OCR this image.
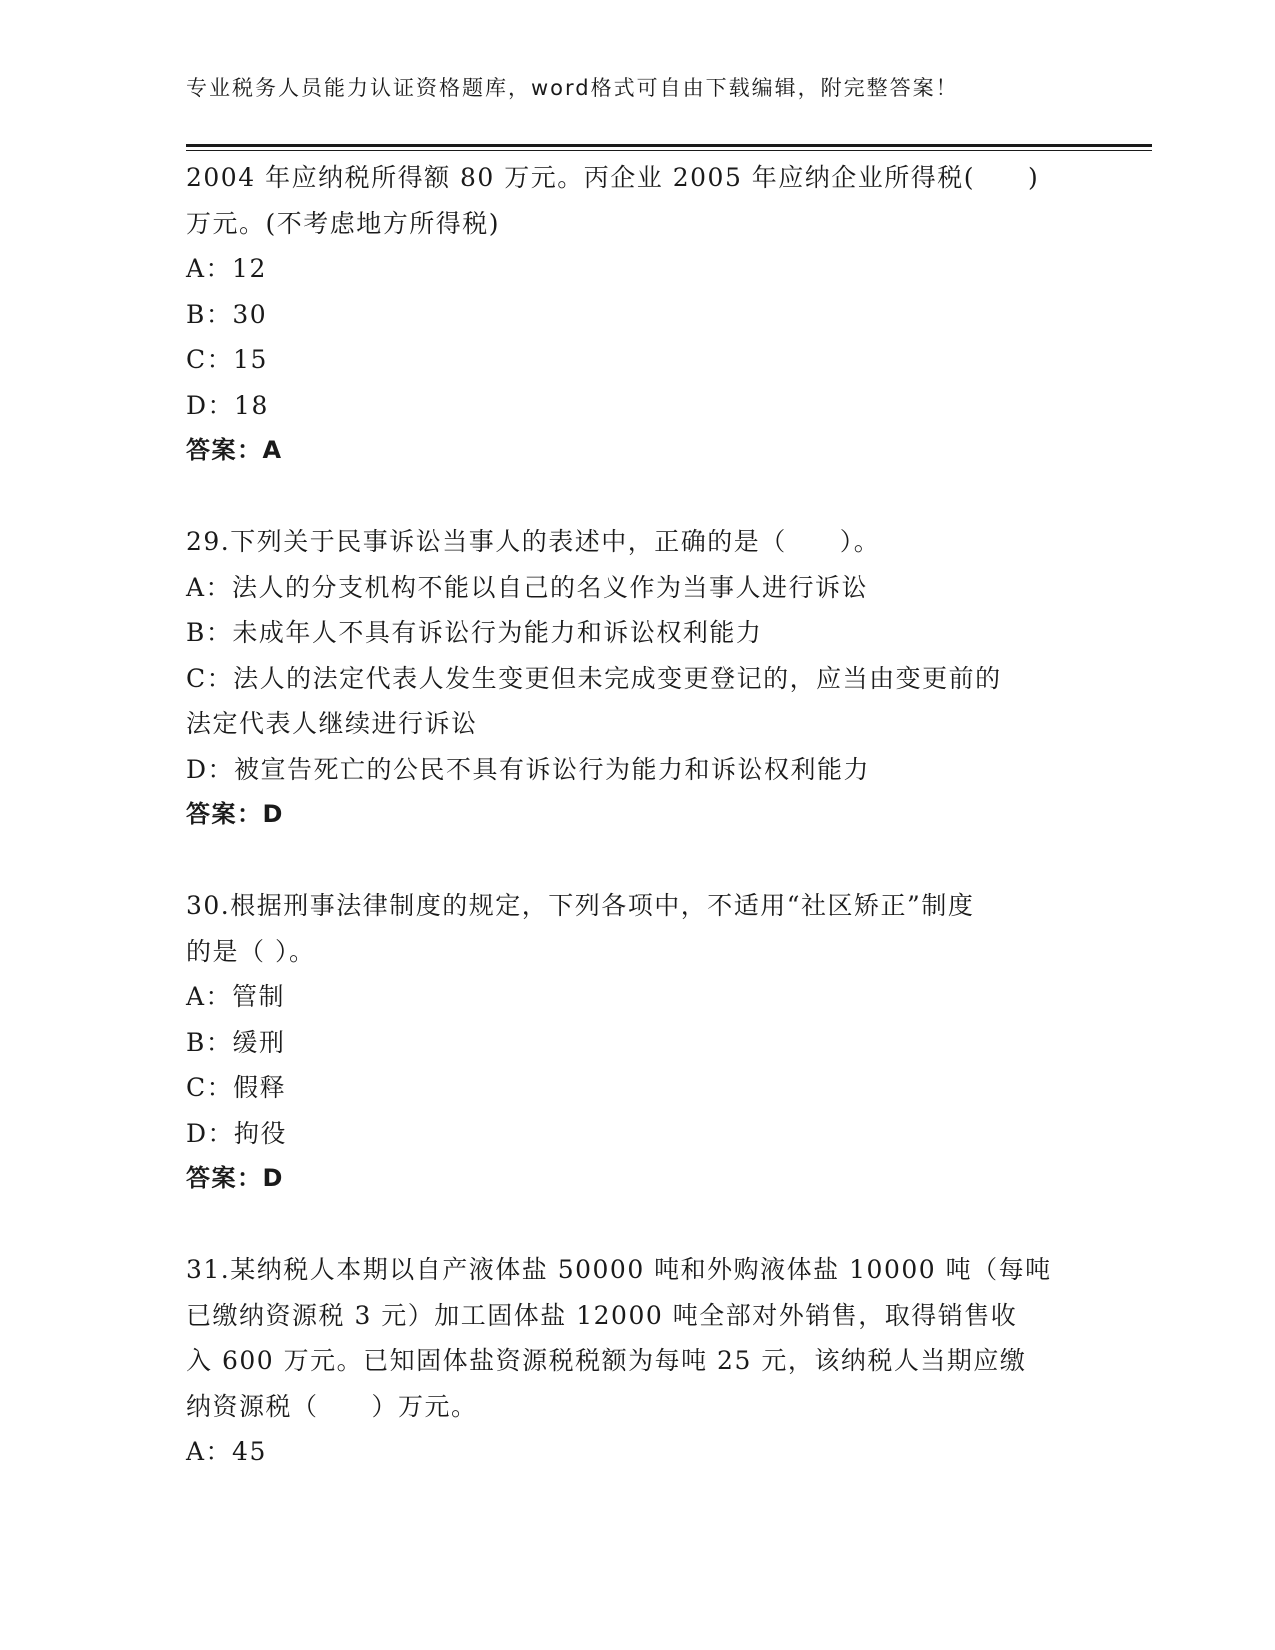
专业税务人员能力认证资格题库，word格式可自由下载编辑，附完整答案！
2004 年应纳税所得额 80 万元。丙企业 2005 年应纳企业所得税(　　)
万元。(不考虑地方所得税)
A：12
B：30
C：15
D：18
答案：A
29.下列关于民事诉讼当事人的表述中，正确的是（　　）。
A：法人的分支机构不能以自己的名义作为当事人进行诉讼
B：未成年人不具有诉讼行为能力和诉讼权利能力
C：法人的法定代表人发生变更但未完成变更登记的，应当由变更前的
法定代表人继续进行诉讼
D：被宣告死亡的公民不具有诉讼行为能力和诉讼权利能力
答案：D
30.根据刑事法律制度的规定，下列各项中，不适用“社区矫正”制度
的是（ ）。
A：管制
B：缓刑
C：假释
D：拘役
答案：D
31.某纳税人本期以自产液体盐 50000 吨和外购液体盐 10000 吨（每吨
已缴纳资源税 3 元）加工固体盐 12000 吨全部对外销售，取得销售收
入 600 万元。已知固体盐资源税税额为每吨 25 元，该纳税人当期应缴
纳资源税（　　）万元。
A：45
